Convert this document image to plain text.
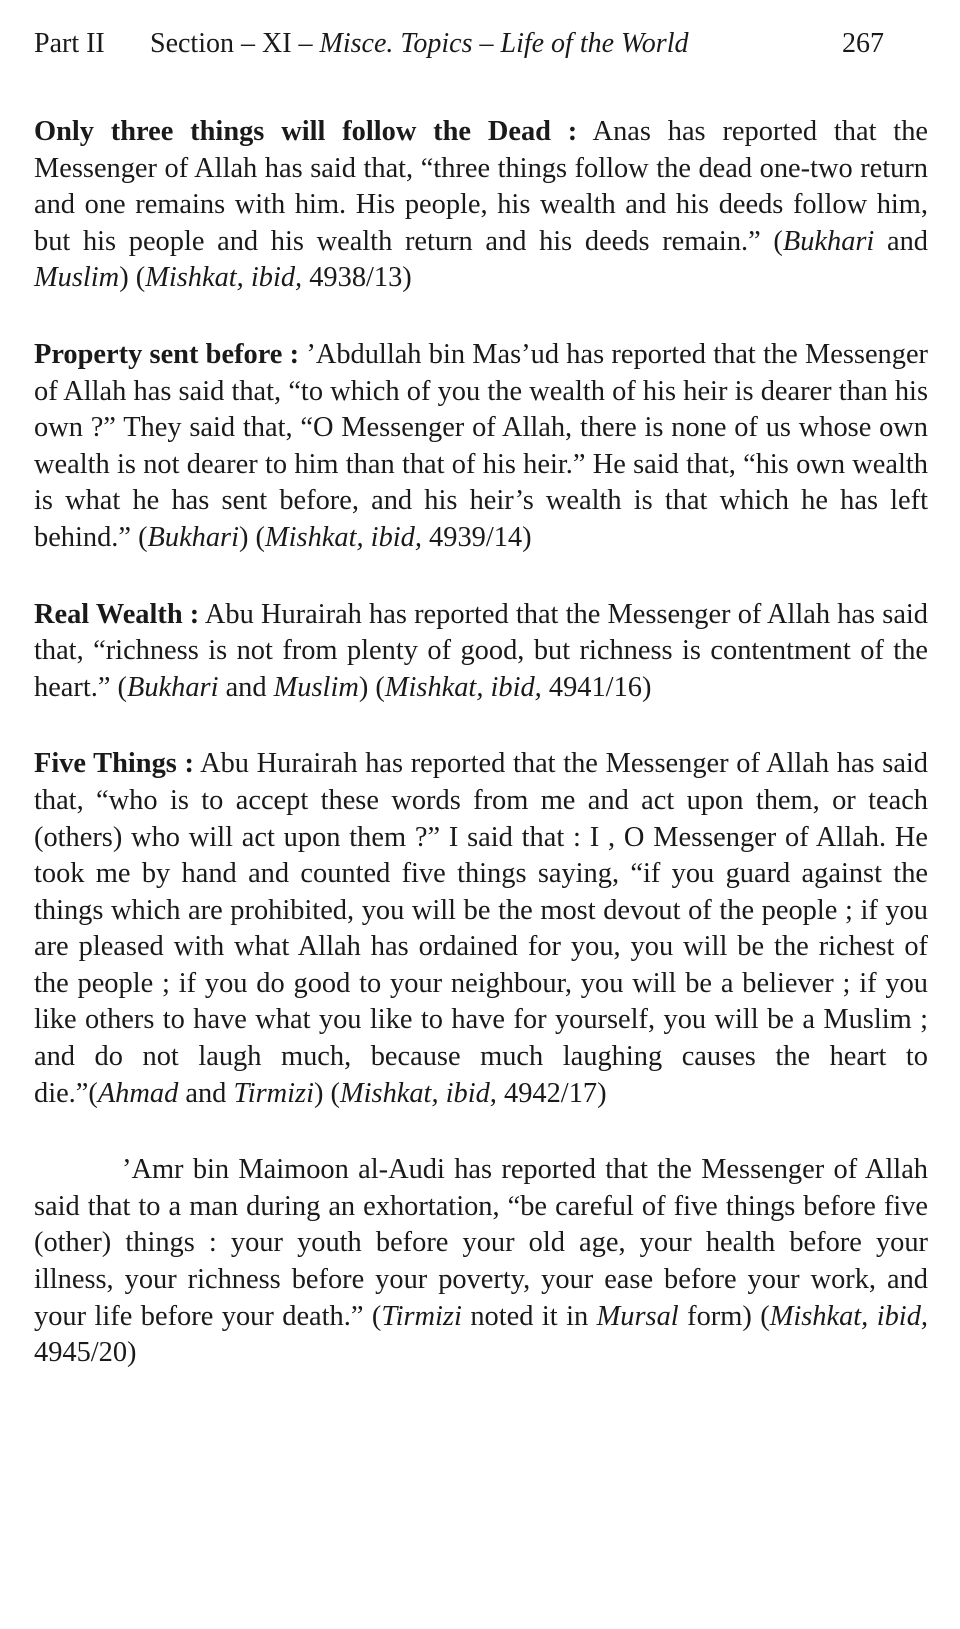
Part II	Section – XI – Misce. Topics – Life of the World	267

Only three things will follow the Dead : Anas has reported that the Messenger of Allah has said that, “three things follow the dead one-two return and one remains with him. His people, his wealth and his deeds follow him, but his people and his wealth return and his deeds remain.” (Bukhari and Muslim) (Mishkat, ibid, 4938/13)

Property sent before : ’Abdullah bin Mas’ud has reported that the Messenger of Allah has said that, “to which of you the wealth of his heir is dearer than his own ?” They said that, “O Messenger of Allah, there is none of us whose own wealth is not dearer to him than that of his heir.” He said that, “his own wealth is what he has sent before, and his heir’s wealth is that which he has left behind.” (Bukhari) (Mishkat, ibid, 4939/14)

Real Wealth : Abu Hurairah has reported that the Messenger of Allah has said that, “richness is not from plenty of good, but richness is contentment of the heart.” (Bukhari and Muslim) (Mishkat, ibid, 4941/16)

Five Things : Abu Hurairah has reported that the Messenger of Allah has said that, “who is to accept these words from me and act upon them, or teach (others) who will act upon them ?” I said that : I , O Messenger of Allah. He took me by hand and counted five things saying, “if you guard against the things which are prohibited, you will be the most devout of the people ; if you are pleased with what Allah has ordained for you, you will be the richest of the people ; if you do good to your neighbour, you will be a believer ; if you like others to have what you like to have for yourself, you will be a Muslim ; and do not laugh much, because much laughing causes the heart to die.”(Ahmad and Tirmizi) (Mishkat, ibid, 4942/17)

’Amr bin Maimoon al-Audi has reported that the Messenger of Allah said that to a man during an exhortation, “be careful of five things before five (other) things : your youth before your old age, your health before your illness, your richness before your poverty, your ease before your work, and your life before your death.” (Tirmizi noted it in Mursal form) (Mishkat, ibid, 4945/20)
